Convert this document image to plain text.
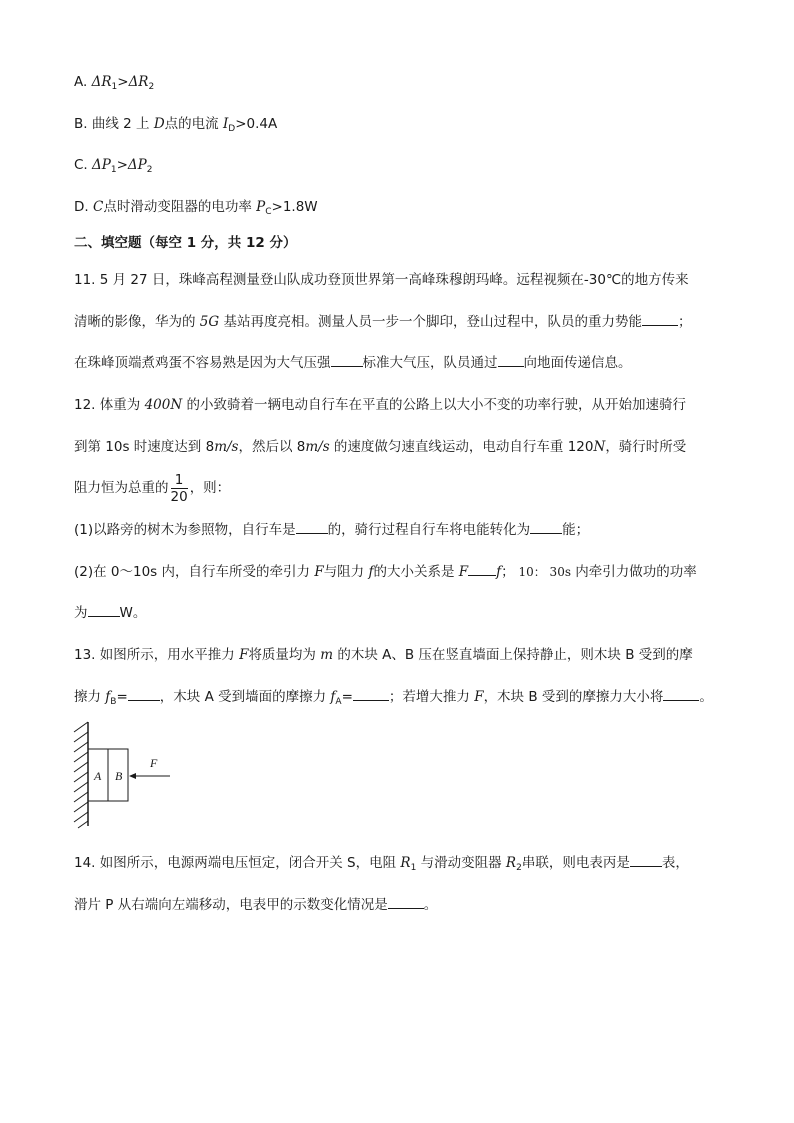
A. $\Delta R_1>\Delta R_2$
B. 曲线 2 上 D点的电流 $I_D>0.4A$
C. $\Delta P_1>\Delta P_2$
D. C点时滑动变阻器的电功率 $P_C>1.8W$
二、填空题（每空 1 分，共 12 分）
11. 5 月 27 日，珠峰高程测量登山队成功登顶世界第一高峰珠穆朗玛峰。远程视频在-30℃的地方传来
清晰的影像，华为的 5G 基站再度亮相。测量人员一步一个脚印，登山过程中，队员的重力势能	；
在珠峰顶端煮鸡蛋不容易熟是因为大气压强 标准大气压，队员通过 向地面传递信息。
12. 体重为 400N 的小致骑着一辆电动自行车在平直的公路上以大小不变的功率行驶，从开始加速骑行
到第 10s 时速度达到 8m/s，然后以 8m/s 的速度做匀速直线运动，电动自行车重 120N，骑行时所受
阻力恒为总重的 $\frac{1}{20}$ ，则：
(1)以路旁的树木为参照物，自行车是 的，骑行过程自行车将电能转化为 能；
(2)在 0～10s 内，自行车所受的牵引力 F与阻力 f的大小关系是 F f； 10： 30s 内牵引力做功的功率
为 W。
13. 如图所示，用水平推力 F将质量均为 m 的木块 A、B 压在竖直墙面上保持静止，则木块 B 受到的摩
擦力 $f_B=$ ，木块 A 受到墙面的摩擦力 $f_A=$	；若增大推力 F，木块 B 受到的摩擦力大小将	。
A B
F
14. 如图所示，电源两端电压恒定，闭合开关 S，电阻 $R_1$ 与滑动变阻器 $R_2$串联，则电表丙是 表，
滑片 P 从右端向左端移动，电表甲的示数变化情况是	。
